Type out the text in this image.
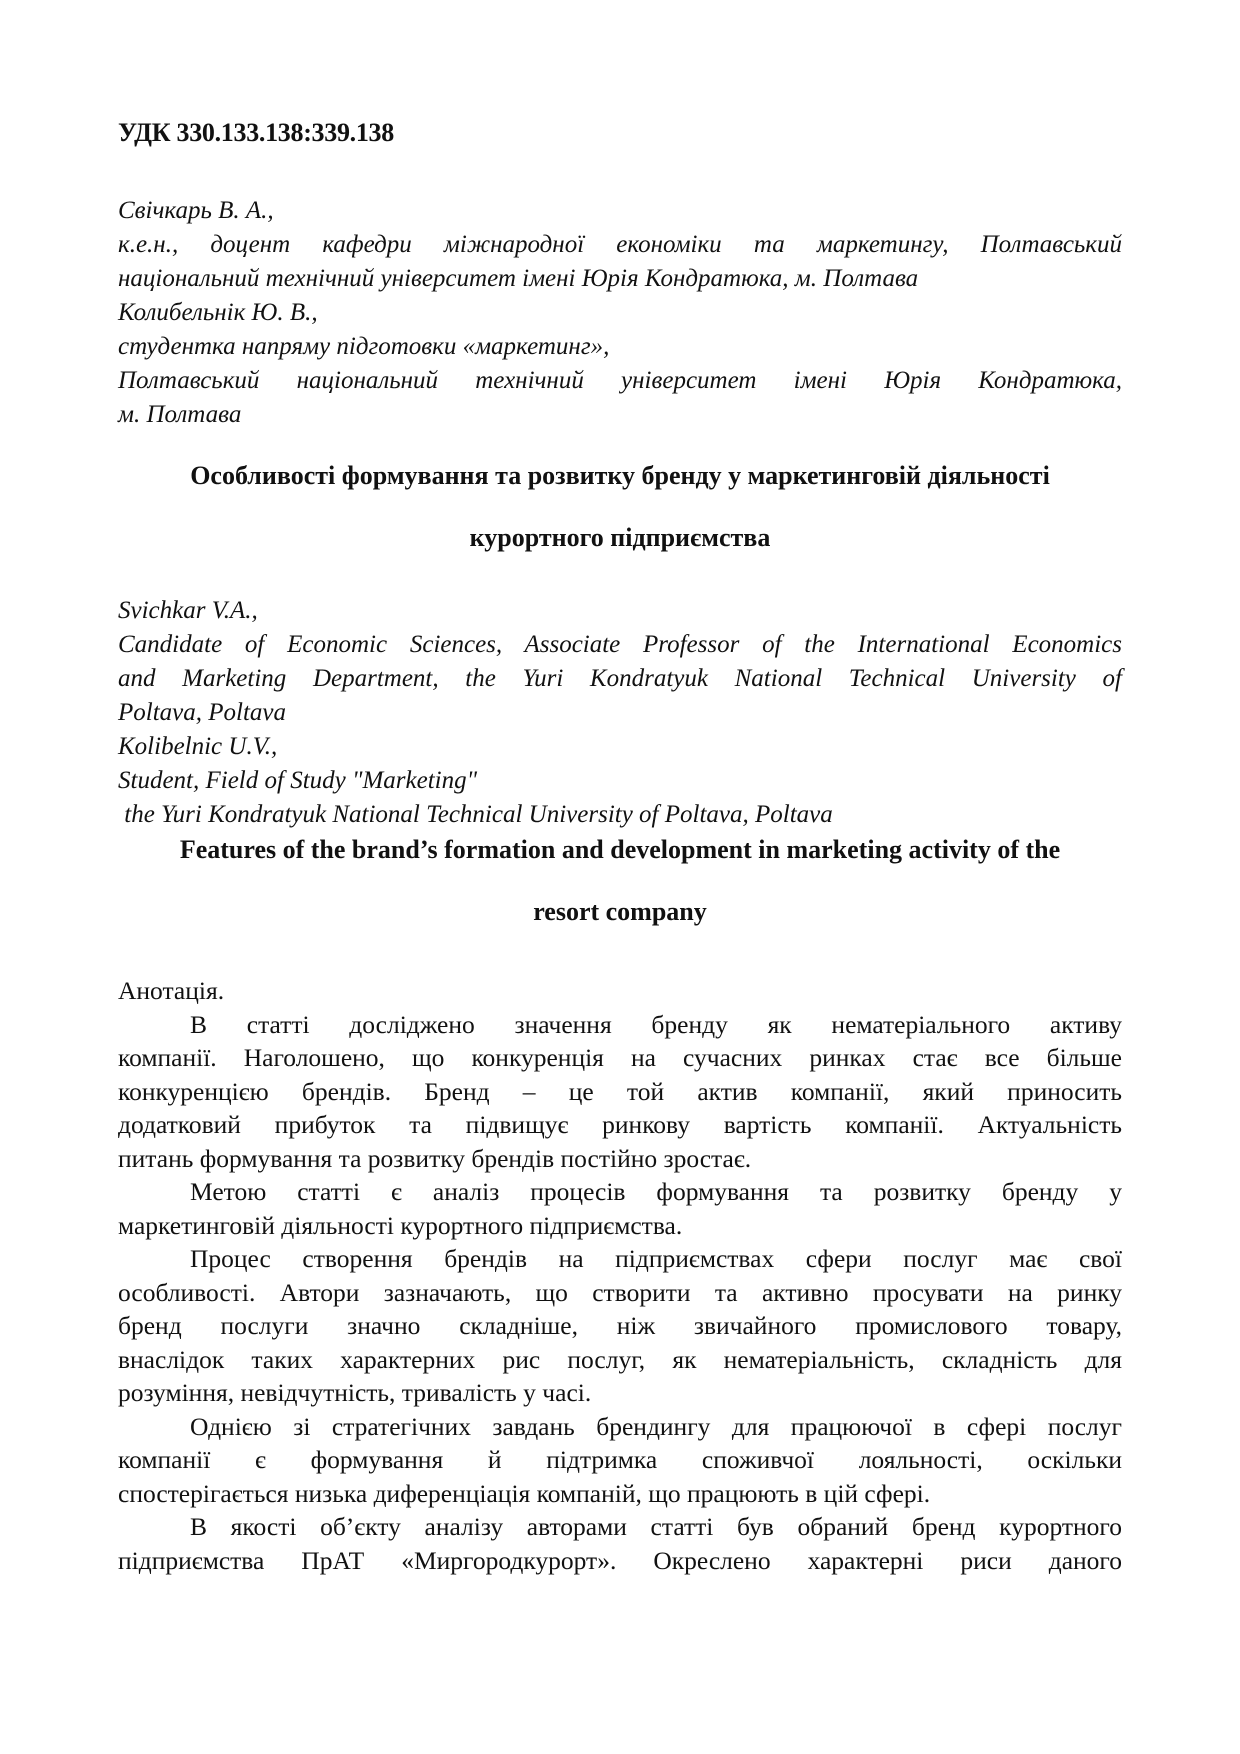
УДК 330.133.138:339.138
Свічкарь В. А.,
к.е.н., доцент кафедри міжнародної економіки та маркетингу, Полтавський
національний технічний університет імені Юрія Кондратюка, м. Полтава
Колибельнік Ю. В.,
студентка напряму підготовки «маркетинг»,
Полтавський національний технічний університет імені Юрія Кондратюка,
м. Полтава
Особливості формування та розвитку бренду у маркетинговій діяльності
курортного підприємства
Svichkar V.A.,
Candidate of Economic Sciences, Associate Professor of the International Economics
and Marketing Department, the Yuri Kondratyuk National Technical University of
Poltava, Poltava
Kolibelnic U.V.,
Student, Field of Study "Marketing"
the Yuri Kondratyuk National Technical University of Poltava, Poltava
Features of the brand’s formation and development in marketing activity of the
resort company
Анотація.
В статті досліджено значення бренду як нематеріального активу
компанії. Наголошено, що конкуренція на сучасних ринках стає все більше
конкуренцією брендів. Бренд – це той актив компанії, який приносить
додатковий прибуток та підвищує ринкову вартість компанії. Актуальність
питань формування та розвитку брендів постійно зростає.
Метою статті є аналіз процесів формування та розвитку бренду у
маркетинговій діяльності курортного підприємства.
Процес створення брендів на підприємствах сфери послуг має свої
особливості. Автори зазначають, що створити та активно просувати на ринку
бренд послуги значно складніше, ніж звичайного промислового товару,
внаслідок таких характерних рис послуг, як нематеріальність, складність для
розуміння, невідчутність, тривалість у часі.
Однією зі стратегічних завдань брендингу для працюючої в сфері послуг
компанії є формування й підтримка споживчої лояльності, оскільки
спостерігається низька диференціація компаній, що працюють в цій сфері.
В якості об’єкту аналізу авторами статті був обраний бренд курортного
підприємства ПрАТ «Миргородкурорт». Окреслено характерні риси даного
